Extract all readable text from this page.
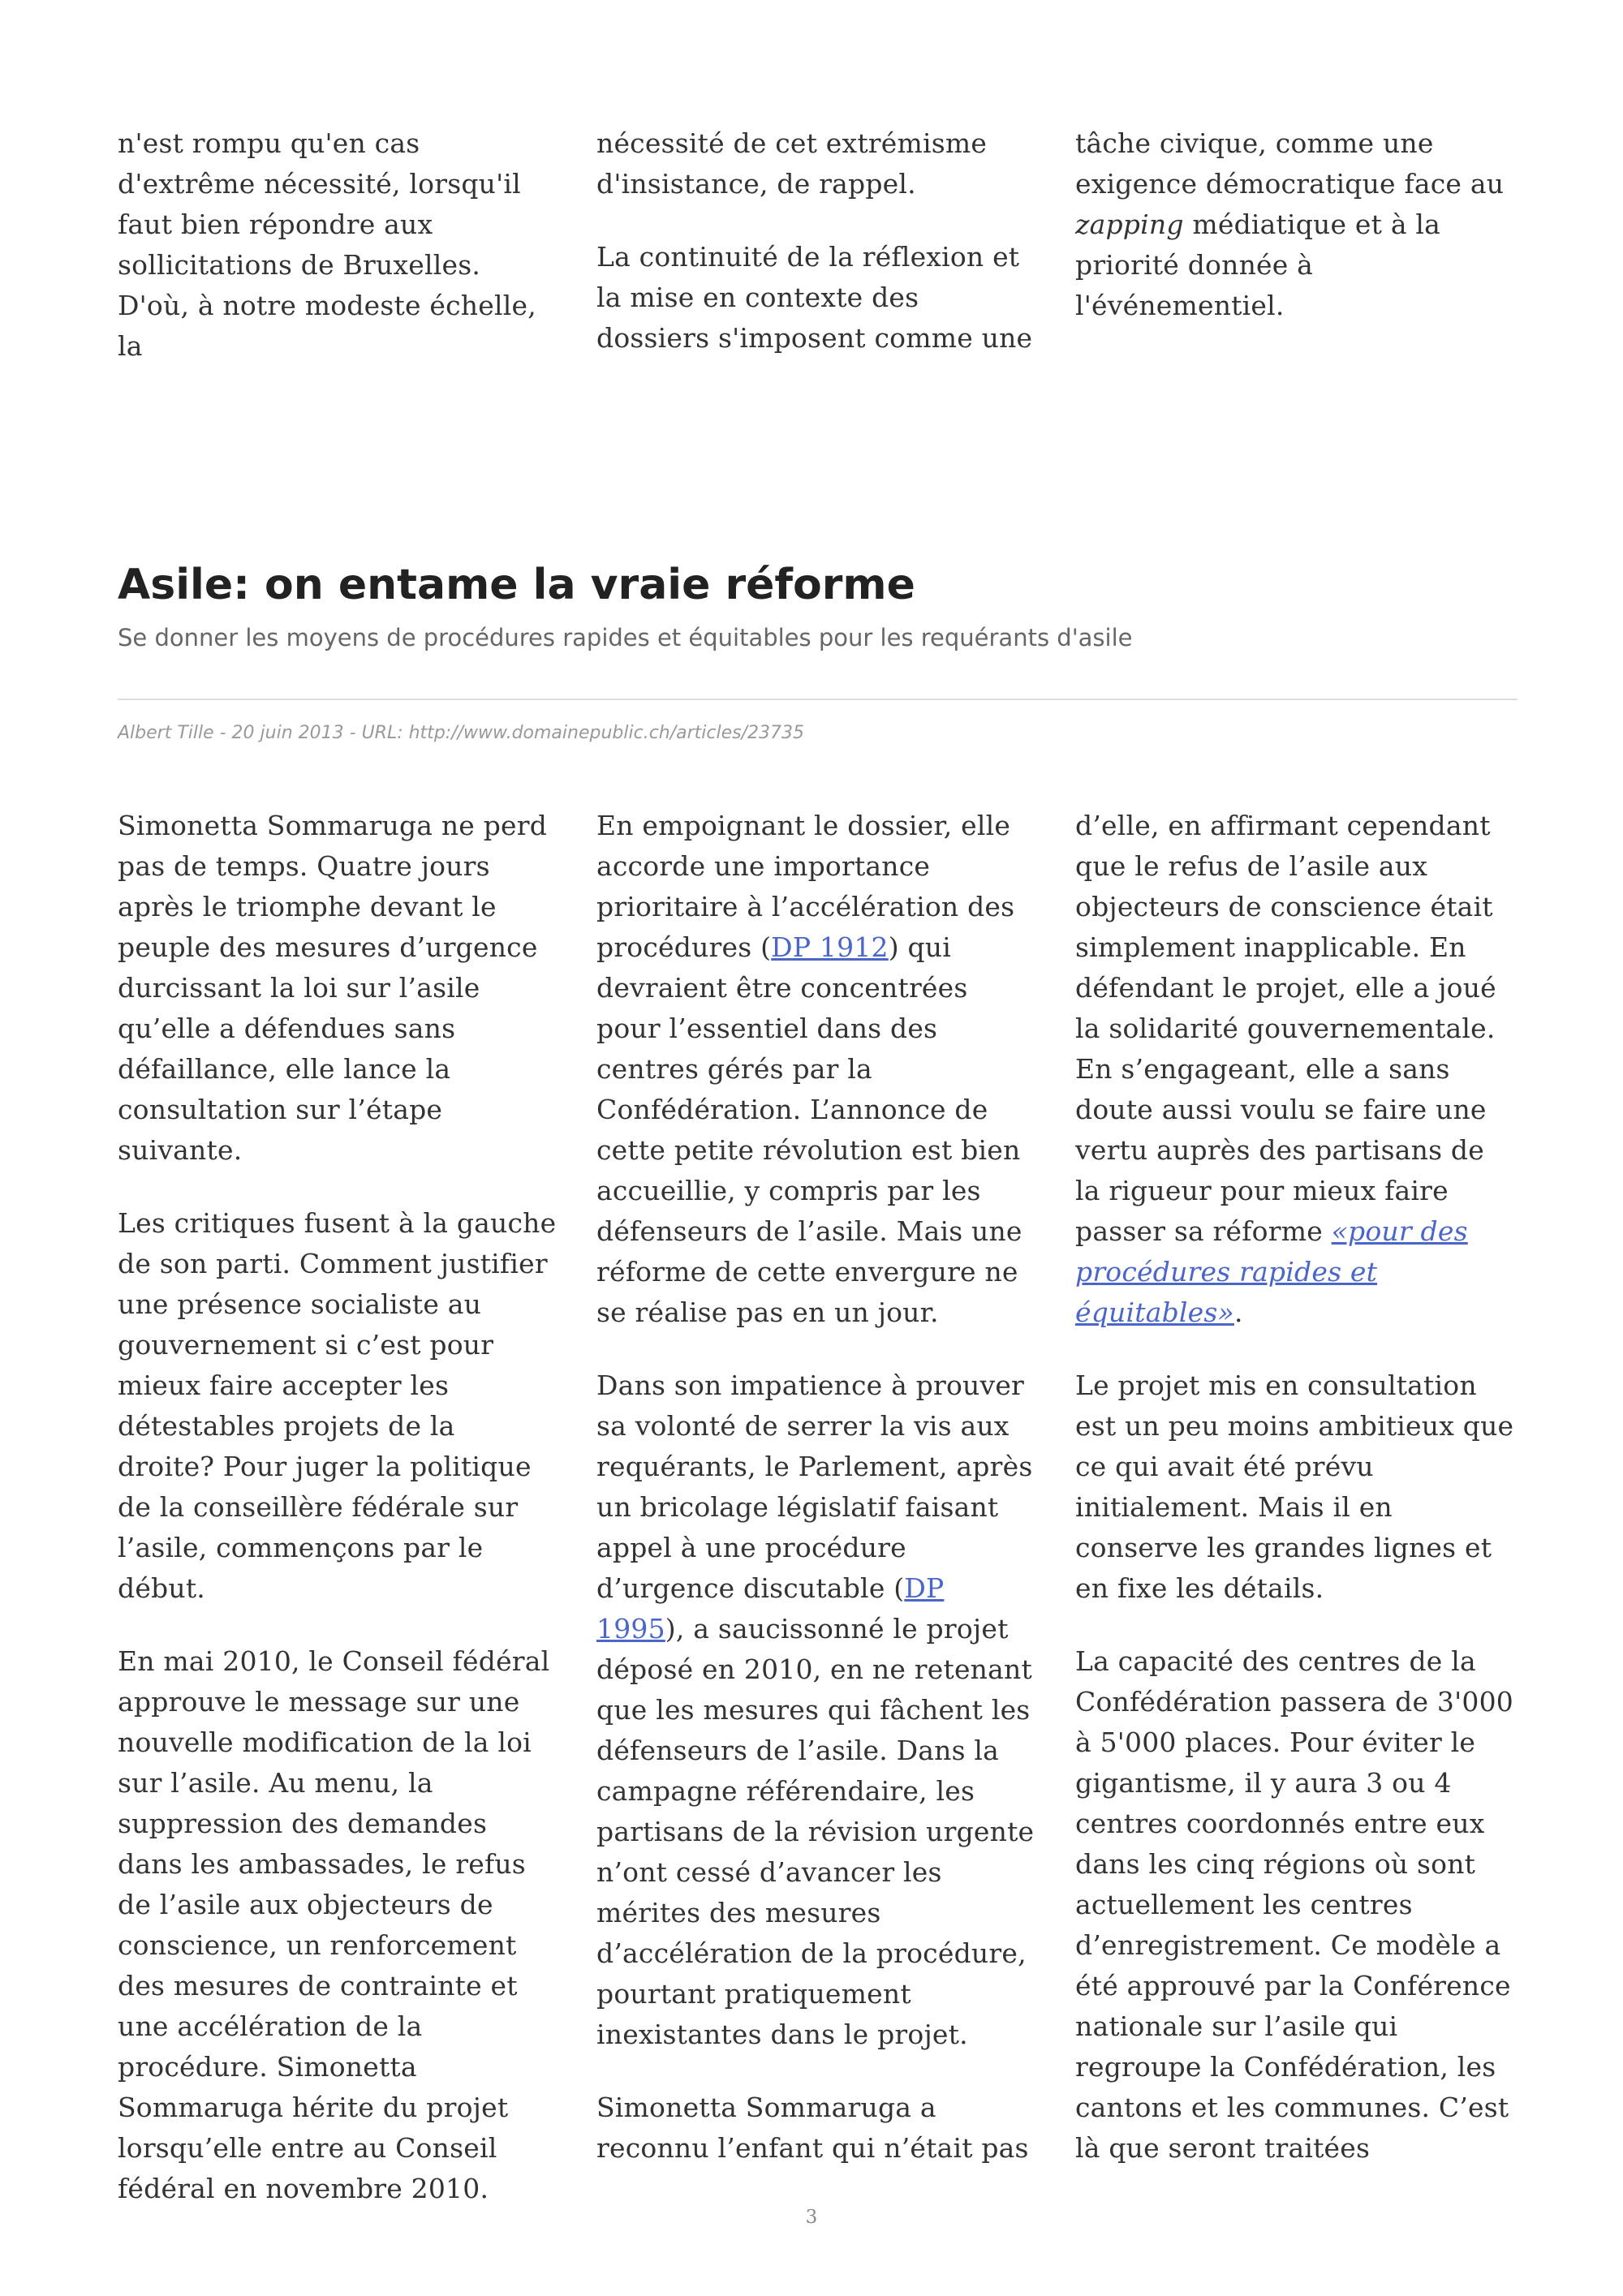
n'est rompu qu'en cas d'extrême nécessité, lorsqu'il faut bien répondre aux sollicitations de Bruxelles. D'où, à notre modeste échelle, la

nécessité de cet extrémisme d'insistance, de rappel.

La continuité de la réflexion et la mise en contexte des dossiers s'imposent comme une

tâche civique, comme une exigence démocratique face au zapping médiatique et à la priorité donnée à l'événementiel.

Asile: on entame la vraie réforme

Se donner les moyens de procédures rapides et équitables pour les requérants d'asile

Albert Tille - 20 juin 2013 - URL: http://www.domainepublic.ch/articles/23735

Simonetta Sommaruga ne perd pas de temps. Quatre jours après le triomphe devant le peuple des mesures d’urgence durcissant la loi sur l’asile qu’elle a défendues sans défaillance, elle lance la consultation sur l’étape suivante.

Les critiques fusent à la gauche de son parti. Comment justifier une présence socialiste au gouvernement si c’est pour mieux faire accepter les détestables projets de la droite? Pour juger la politique de la conseillère fédérale sur l’asile, commençons par le début.

En mai 2010, le Conseil fédéral approuve le message sur une nouvelle modification de la loi sur l’asile. Au menu, la suppression des demandes dans les ambassades, le refus de l’asile aux objecteurs de conscience, un renforcement des mesures de contrainte et une accélération de la procédure. Simonetta Sommaruga hérite du projet lorsqu’elle entre au Conseil fédéral en novembre 2010.

En empoignant le dossier, elle accorde une importance prioritaire à l’accélération des procédures (DP 1912) qui devraient être concentrées pour l’essentiel dans des centres gérés par la Confédération. L’annonce de cette petite révolution est bien accueillie, y compris par les défenseurs de l’asile. Mais une réforme de cette envergure ne se réalise pas en un jour.

Dans son impatience à prouver sa volonté de serrer la vis aux requérants, le Parlement, après un bricolage législatif faisant appel à une procédure d’urgence discutable (DP 1995), a saucissonné le projet déposé en 2010, en ne retenant que les mesures qui fâchent les défenseurs de l’asile. Dans la campagne référendaire, les partisans de la révision urgente n’ont cessé d’avancer les mérites des mesures d’accélération de la procédure, pourtant pratiquement inexistantes dans le projet.

Simonetta Sommaruga a reconnu l’enfant qui n’était pas

d’elle, en affirmant cependant que le refus de l’asile aux objecteurs de conscience était simplement inapplicable. En défendant le projet, elle a joué la solidarité gouvernementale. En s’engageant, elle a sans doute aussi voulu se faire une vertu auprès des partisans de la rigueur pour mieux faire passer sa réforme «pour des procédures rapides et équitables».

Le projet mis en consultation est un peu moins ambitieux que ce qui avait été prévu initialement. Mais il en conserve les grandes lignes et en fixe les détails.

La capacité des centres de la Confédération passera de 3'000 à 5'000 places. Pour éviter le gigantisme, il y aura 3 ou 4 centres coordonnés entre eux dans les cinq régions où sont actuellement les centres d’enregistrement. Ce modèle a été approuvé par la Conférence nationale sur l’asile qui regroupe la Confédération, les cantons et les communes. C’est là que seront traitées

3
